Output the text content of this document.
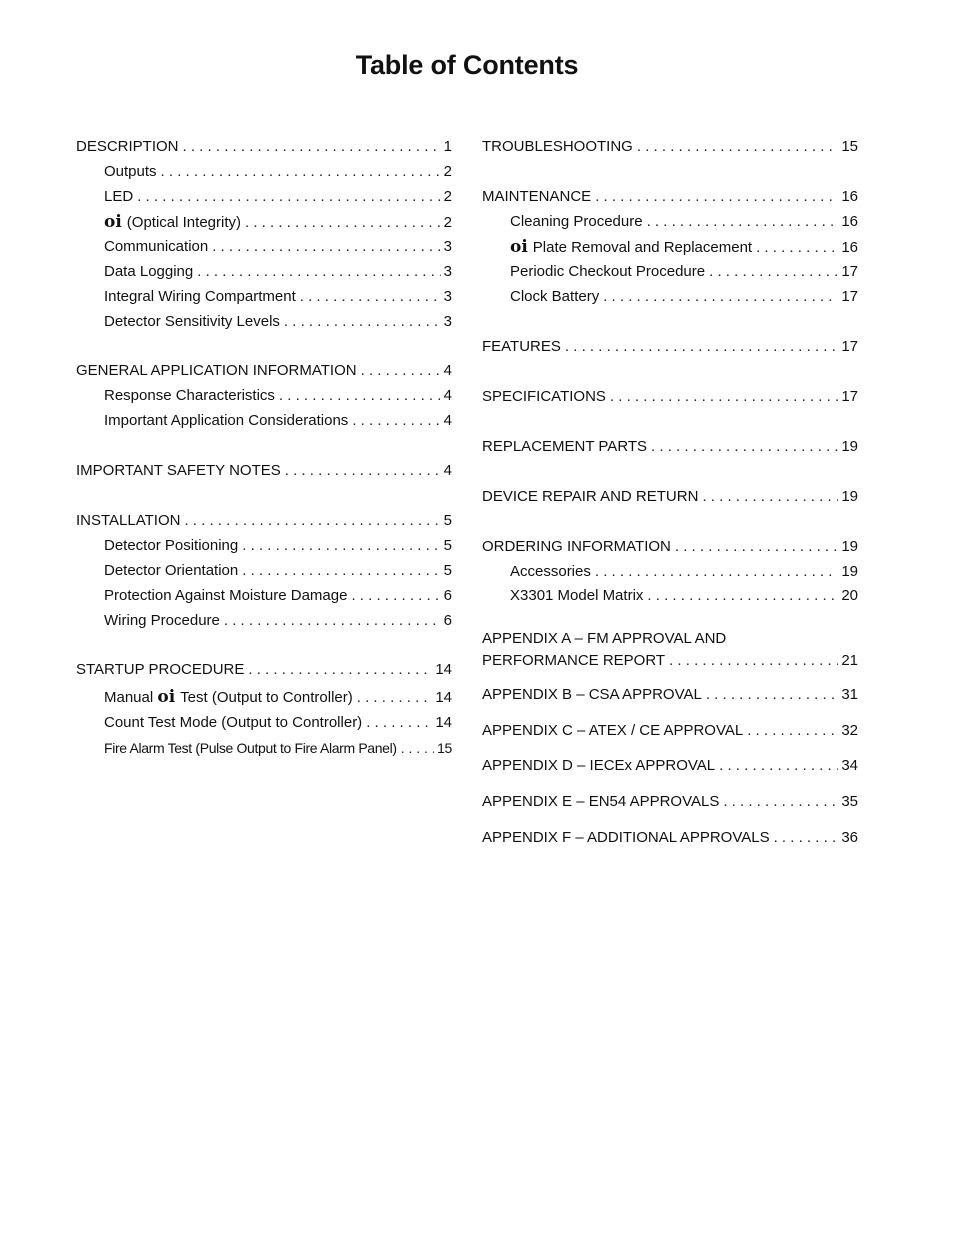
Table of Contents
DESCRIPTION . . .	1
Outputs . . .	2
LED . . .	2
oi (Optical Integrity) . . .	2
Communication . . .	3
Data Logging . . .	3
Integral Wiring Compartment . . .	3
Detector Sensitivity Levels . . .	3
GENERAL APPLICATION INFORMATION . . .	4
Response Characteristics . . .	4
Important Application Considerations . . .	4
IMPORTANT SAFETY NOTES . . .	4
INSTALLATION . . .	5
Detector Positioning . . .	5
Detector Orientation . . .	5
Protection Against Moisture Damage . . .	6
Wiring Procedure . . .	6
STARTUP PROCEDURE . . .	14
Manual oi Test (Output to Controller) . . .	14
Count Test Mode (Output to Controller) . . .	14
Fire Alarm Test (Pulse Output to Fire Alarm Panel) . . .	15
TROUBLESHOOTING . . .	15
MAINTENANCE . . .	16
Cleaning Procedure . . .	16
oi Plate Removal and Replacement . . .	16
Periodic Checkout Procedure . . .	17
Clock Battery . . .	17
FEATURES . . .	17
SPECIFICATIONS . . .	17
REPLACEMENT PARTS . . .	19
DEVICE REPAIR AND RETURN . . .	19
ORDERING INFORMATION . . .	19
Accessories . . .	19
X3301 Model Matrix . . .	20
APPENDIX A – FM APPROVAL AND
PERFORMANCE REPORT . . .	21
APPENDIX B – CSA APPROVAL . . .	31
APPENDIX C – ATEX / CE APPROVAL . . .	32
APPENDIX D – IECEx APPROVAL . . .	34
APPENDIX E – EN54 APPROVALS . . .	35
APPENDIX F – ADDITIONAL APPROVALS . . .	36
